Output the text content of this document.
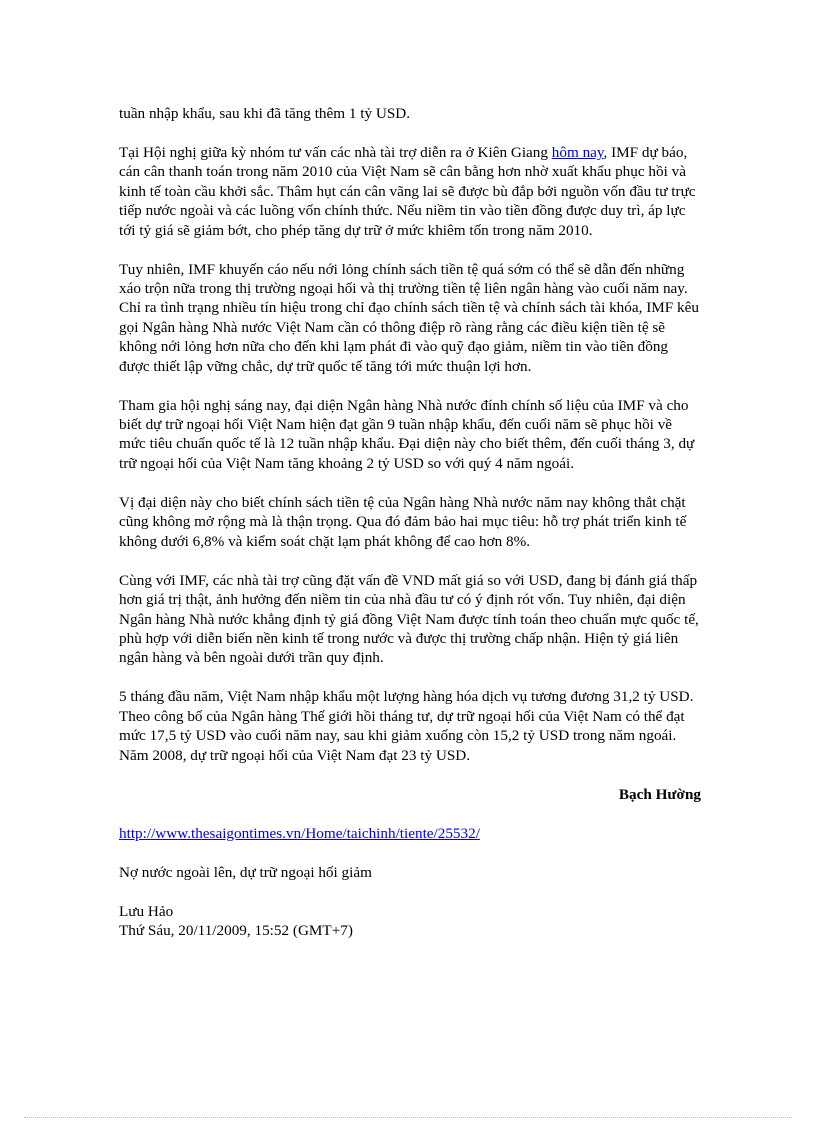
tuần nhập khẩu, sau khi đã tăng thêm 1 tỷ USD.

Tại Hội nghị giữa kỳ nhóm tư vấn các nhà tài trợ diễn ra ở Kiên Giang hôm nay, IMF dự báo, cán cân thanh toán trong năm 2010 của Việt Nam sẽ cân bằng hơn nhờ xuất khẩu phục hồi và kinh tế toàn cầu khởi sắc. Thâm hụt cán cân vãng lai sẽ được bù đắp bởi nguồn vốn đầu tư trực tiếp nước ngoài và các luồng vốn chính thức. Nếu niềm tin vào tiền đồng được duy trì, áp lực tới tỷ giá sẽ giảm bớt, cho phép tăng dự trữ ở mức khiêm tốn trong năm 2010.

Tuy nhiên, IMF khuyến cáo nếu nới lỏng chính sách tiền tệ quá sớm có thể sẽ dẫn đến những xáo trộn nữa trong thị trường ngoại hối và thị trường tiền tệ liên ngân hàng vào cuối năm nay. Chỉ ra tình trạng nhiều tín hiệu trong chỉ đạo chính sách tiền tệ và chính sách tài khóa, IMF kêu gọi Ngân hàng Nhà nước Việt Nam cần có thông điệp rõ ràng rằng các điều kiện tiền tệ sẽ không nới lỏng hơn nữa cho đến khi lạm phát đi vào quỹ đạo giảm, niềm tin vào tiền đồng được thiết lập vững chắc, dự trữ quốc tế tăng tới mức thuận lợi hơn.

Tham gia hội nghị sáng nay, đại diện Ngân hàng Nhà nước đính chính số liệu của IMF và cho biết dự trữ ngoại hối Việt Nam hiện đạt gần 9 tuần nhập khẩu, đến cuối năm sẽ phục hồi về mức tiêu chuẩn quốc tế là 12 tuần nhập khẩu. Đại diện này cho biết thêm, đến cuối tháng 3, dự trữ ngoại hối của Việt Nam tăng khoảng 2 tỷ USD so với quý 4 năm ngoái.

Vị đại diện này cho biết chính sách tiền tệ của Ngân hàng Nhà nước năm nay không thắt chặt cũng không mở rộng mà là thận trọng. Qua đó đảm bảo hai mục tiêu: hỗ trợ phát triển kinh tế không dưới 6,8% và kiểm soát chặt lạm phát không để cao hơn 8%.

Cùng với IMF, các nhà tài trợ cũng đặt vấn đề VND mất giá so với USD, đang bị đánh giá thấp hơn giá trị thật, ảnh hưởng đến niềm tin của nhà đầu tư có ý định rót vốn. Tuy nhiên, đại diện Ngân hàng Nhà nước khẳng định tỷ giá đồng Việt Nam được tính toán theo chuẩn mực quốc tế, phù hợp với diễn biến nền kinh tế trong nước và được thị trường chấp nhận. Hiện tỷ giá liên ngân hàng và bên ngoài dưới trần quy định.

5 tháng đầu năm, Việt Nam nhập khẩu một lượng hàng hóa dịch vụ tương đương 31,2 tỷ USD. Theo công bố của Ngân hàng Thế giới hồi tháng tư, dự trữ ngoại hối của Việt Nam có thể đạt mức 17,5 tỷ USD vào cuối năm nay, sau khi giảm xuống còn 15,2 tỷ USD trong năm ngoái. Năm 2008, dự trữ ngoại hối của Việt Nam đạt 23 tỷ USD.

Bạch Hường

http://www.thesaigontimes.vn/Home/taichinh/tiente/25532/

Nợ nước ngoài lên, dự trữ ngoại hối giảm

Lưu Hảo

Thứ Sáu, 20/11/2009, 15:52 (GMT+7)
